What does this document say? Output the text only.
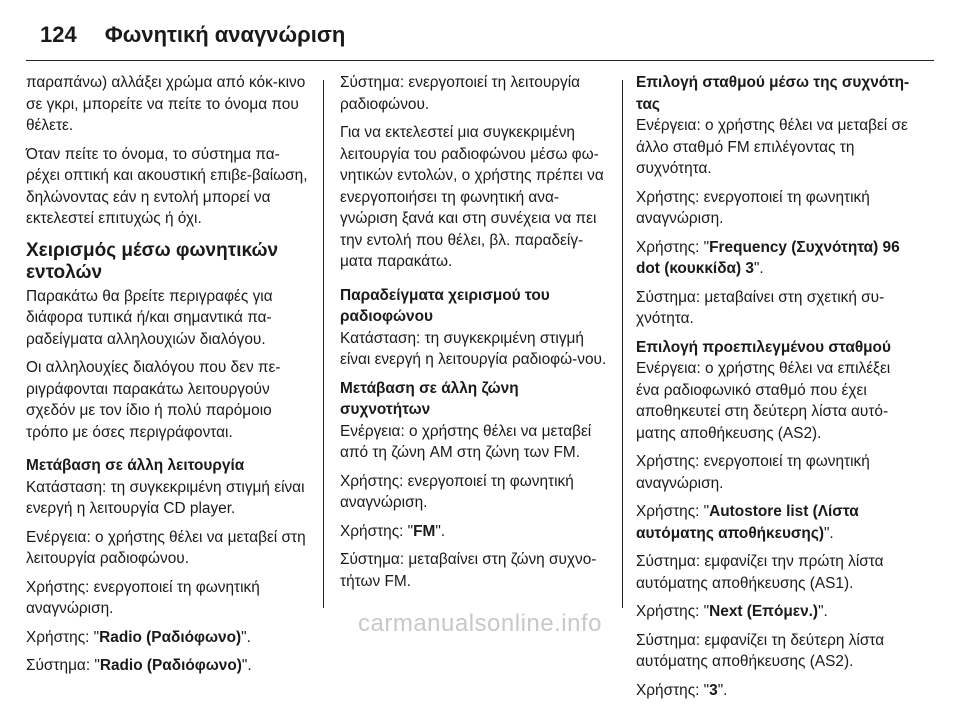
124 Φωνητική αναγνώριση

παραπάνω) αλλάξει χρώμα από κόκ-κινο σε γκρι, μπορείτε να πείτε το όνομα που θέλετε.

Όταν πείτε το όνομα, το σύστημα πα-ρέχει οπτική και ακουστική επιβε-βαίωση, δηλώνοντας εάν η εντολή μπορεί να εκτελεστεί επιτυχώς ή όχι.

Χειρισμός μέσω φωνητικών εντολών

Παρακάτω θα βρείτε περιγραφές για διάφορα τυπικά ή/και σημαντικά πα-ραδείγματα αλληλουχιών διαλόγου.

Οι αλληλουχίες διαλόγου που δεν πε-ριγράφονται παρακάτω λειτουργούν σχεδόν με τον ίδιο ή πολύ παρόμοιο τρόπο με όσες περιγράφονται.

Μετάβαση σε άλλη λειτουργία

Κατάσταση: τη συγκεκριμένη στιγμή είναι ενεργή η λειτουργία CD player.

Ενέργεια: ο χρήστης θέλει να μεταβεί στη λειτουργία ραδιοφώνου.

Χρήστης: ενεργοποιεί τη φωνητική αναγνώριση.

Χρήστης: "Radio (Ραδιόφωνο)".

Σύστημα: "Radio (Ραδιόφωνο)".

Σύστημα: ενεργοποιεί τη λειτουργία ραδιοφώνου.

Για να εκτελεστεί μια συγκεκριμένη λειτουργία του ραδιοφώνου μέσω φω-νητικών εντολών, ο χρήστης πρέπει να ενεργοποιήσει τη φωνητική ανα-γνώριση ξανά και στη συνέχεια να πει την εντολή που θέλει, βλ. παραδείγ-ματα παρακάτω.

Παραδείγματα χειρισμού του ραδιοφώνου

Κατάσταση: τη συγκεκριμένη στιγμή είναι ενεργή η λειτουργία ραδιοφώ-νου.

Μετάβαση σε άλλη ζώνη συχνοτήτων

Ενέργεια: ο χρήστης θέλει να μεταβεί από τη ζώνη AM στη ζώνη των FM.

Χρήστης: ενεργοποιεί τη φωνητική αναγνώριση.

Χρήστης: "FM".

Σύστημα: μεταβαίνει στη ζώνη συχνο-τήτων FM.

Επιλογή σταθμού μέσω της συχνότη-τας

Ενέργεια: ο χρήστης θέλει να μεταβεί σε άλλο σταθμό FM επιλέγοντας τη συχνότητα.

Χρήστης: ενεργοποιεί τη φωνητική αναγνώριση.

Χρήστης: "Frequency (Συχνότητα) 96 dot (κουκκίδα) 3".

Σύστημα: μεταβαίνει στη σχετική συ-χνότητα.

Επιλογή προεπιλεγμένου σταθμού

Ενέργεια: ο χρήστης θέλει να επιλέξει ένα ραδιοφωνικό σταθμό που έχει αποθηκευτεί στη δεύτερη λίστα αυτό-ματης αποθήκευσης (AS2).

Χρήστης: ενεργοποιεί τη φωνητική αναγνώριση.

Χρήστης: "Autostore list (Λίστα αυτόματης αποθήκευσης)".

Σύστημα: εμφανίζει την πρώτη λίστα αυτόματης αποθήκευσης (AS1).

Χρήστης: "Next (Επόμεν.)".

Σύστημα: εμφανίζει τη δεύτερη λίστα αυτόματης αποθήκευσης (AS2).

Χρήστης: "3".

carmanualsonline.info
